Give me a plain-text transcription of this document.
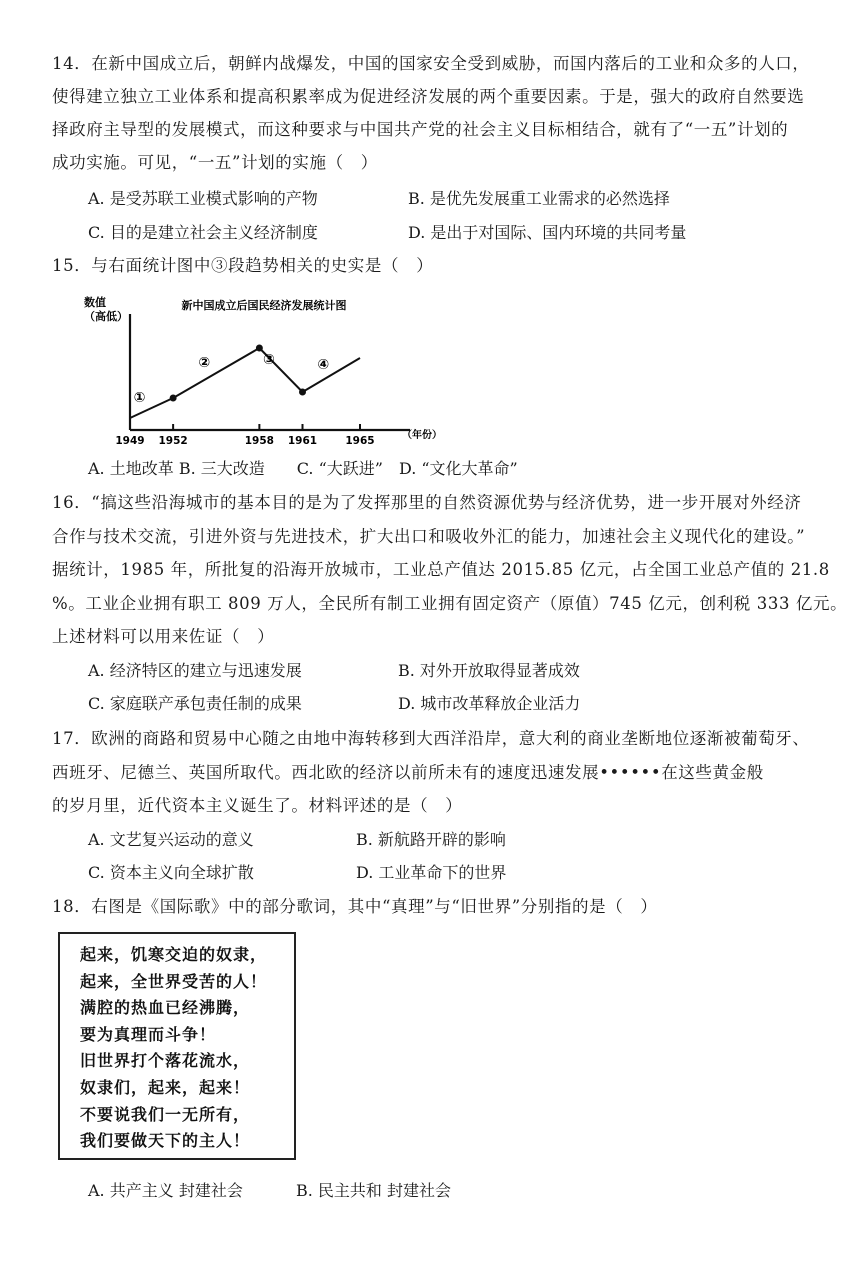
14．在新中国成立后，朝鲜内战爆发，中国的国家安全受到威胁，而国内落后的工业和众多的人口，
使得建立独立工业体系和提高积累率成为促进经济发展的两个重要因素。于是，强大的政府自然要选
择政府主导型的发展模式，而这种要求与中国共产党的社会主义目标相结合，就有了“一五”计划的
成功实施。可见，“一五”计划的实施（　）
A. 是受苏联工业模式影响的产物	B. 是优先发展重工业需求的必然选择
C. 目的是建立社会主义经济制度	D. 是出于对国际、国内环境的共同考量
15．与右面统计图中③段趋势相关的史实是（　）
数值
（高低）
新中国成立后国民经济发展统计图
①
②	③	④
1949 1952	1958 1961	1965	（年份）
A. 土地改革 B. 三大改造　　C. “大跃进”　D. “文化大革命”
16．“搞这些沿海城市的基本目的是为了发挥那里的自然资源优势与经济优势，进一步开展对外经济
合作与技术交流，引进外资与先进技术，扩大出口和吸收外汇的能力，加速社会主义现代化的建设。”
据统计，1985 年，所批复的沿海开放城市，工业总产值达 2015.85 亿元，占全国工业总产值的 21.8
%。工业企业拥有职工 809 万人，全民所有制工业拥有固定资产（原值）745 亿元，创利税 333 亿元。
上述材料可以用来佐证（　）
A. 经济特区的建立与迅速发展	B. 对外开放取得显著成效
C. 家庭联产承包责任制的成果	D. 城市改革释放企业活力
17．欧洲的商路和贸易中心随之由地中海转移到大西洋沿岸，意大利的商业垄断地位逐渐被葡萄牙、
西班牙、尼德兰、英国所取代。西北欧的经济以前所未有的速度迅速发展••••••在这些黄金般
的岁月里，近代资本主义诞生了。材料评述的是（　）
A. 文艺复兴运动的意义	B. 新航路开辟的影响
C. 资本主义向全球扩散	D. 工业革命下的世界
18．右图是《国际歌》中的部分歌词，其中“真理”与“旧世界”分别指的是（　）
起来，饥寒交迫的奴隶，
起来，全世界受苦的人！
满腔的热血已经沸腾，
要为真理而斗争！
旧世界打个落花流水，
奴隶们，起来，起来！
不要说我们一无所有，
我们要做天下的主人！
A. 共产主义 封建社会	B. 民主共和 封建社会
